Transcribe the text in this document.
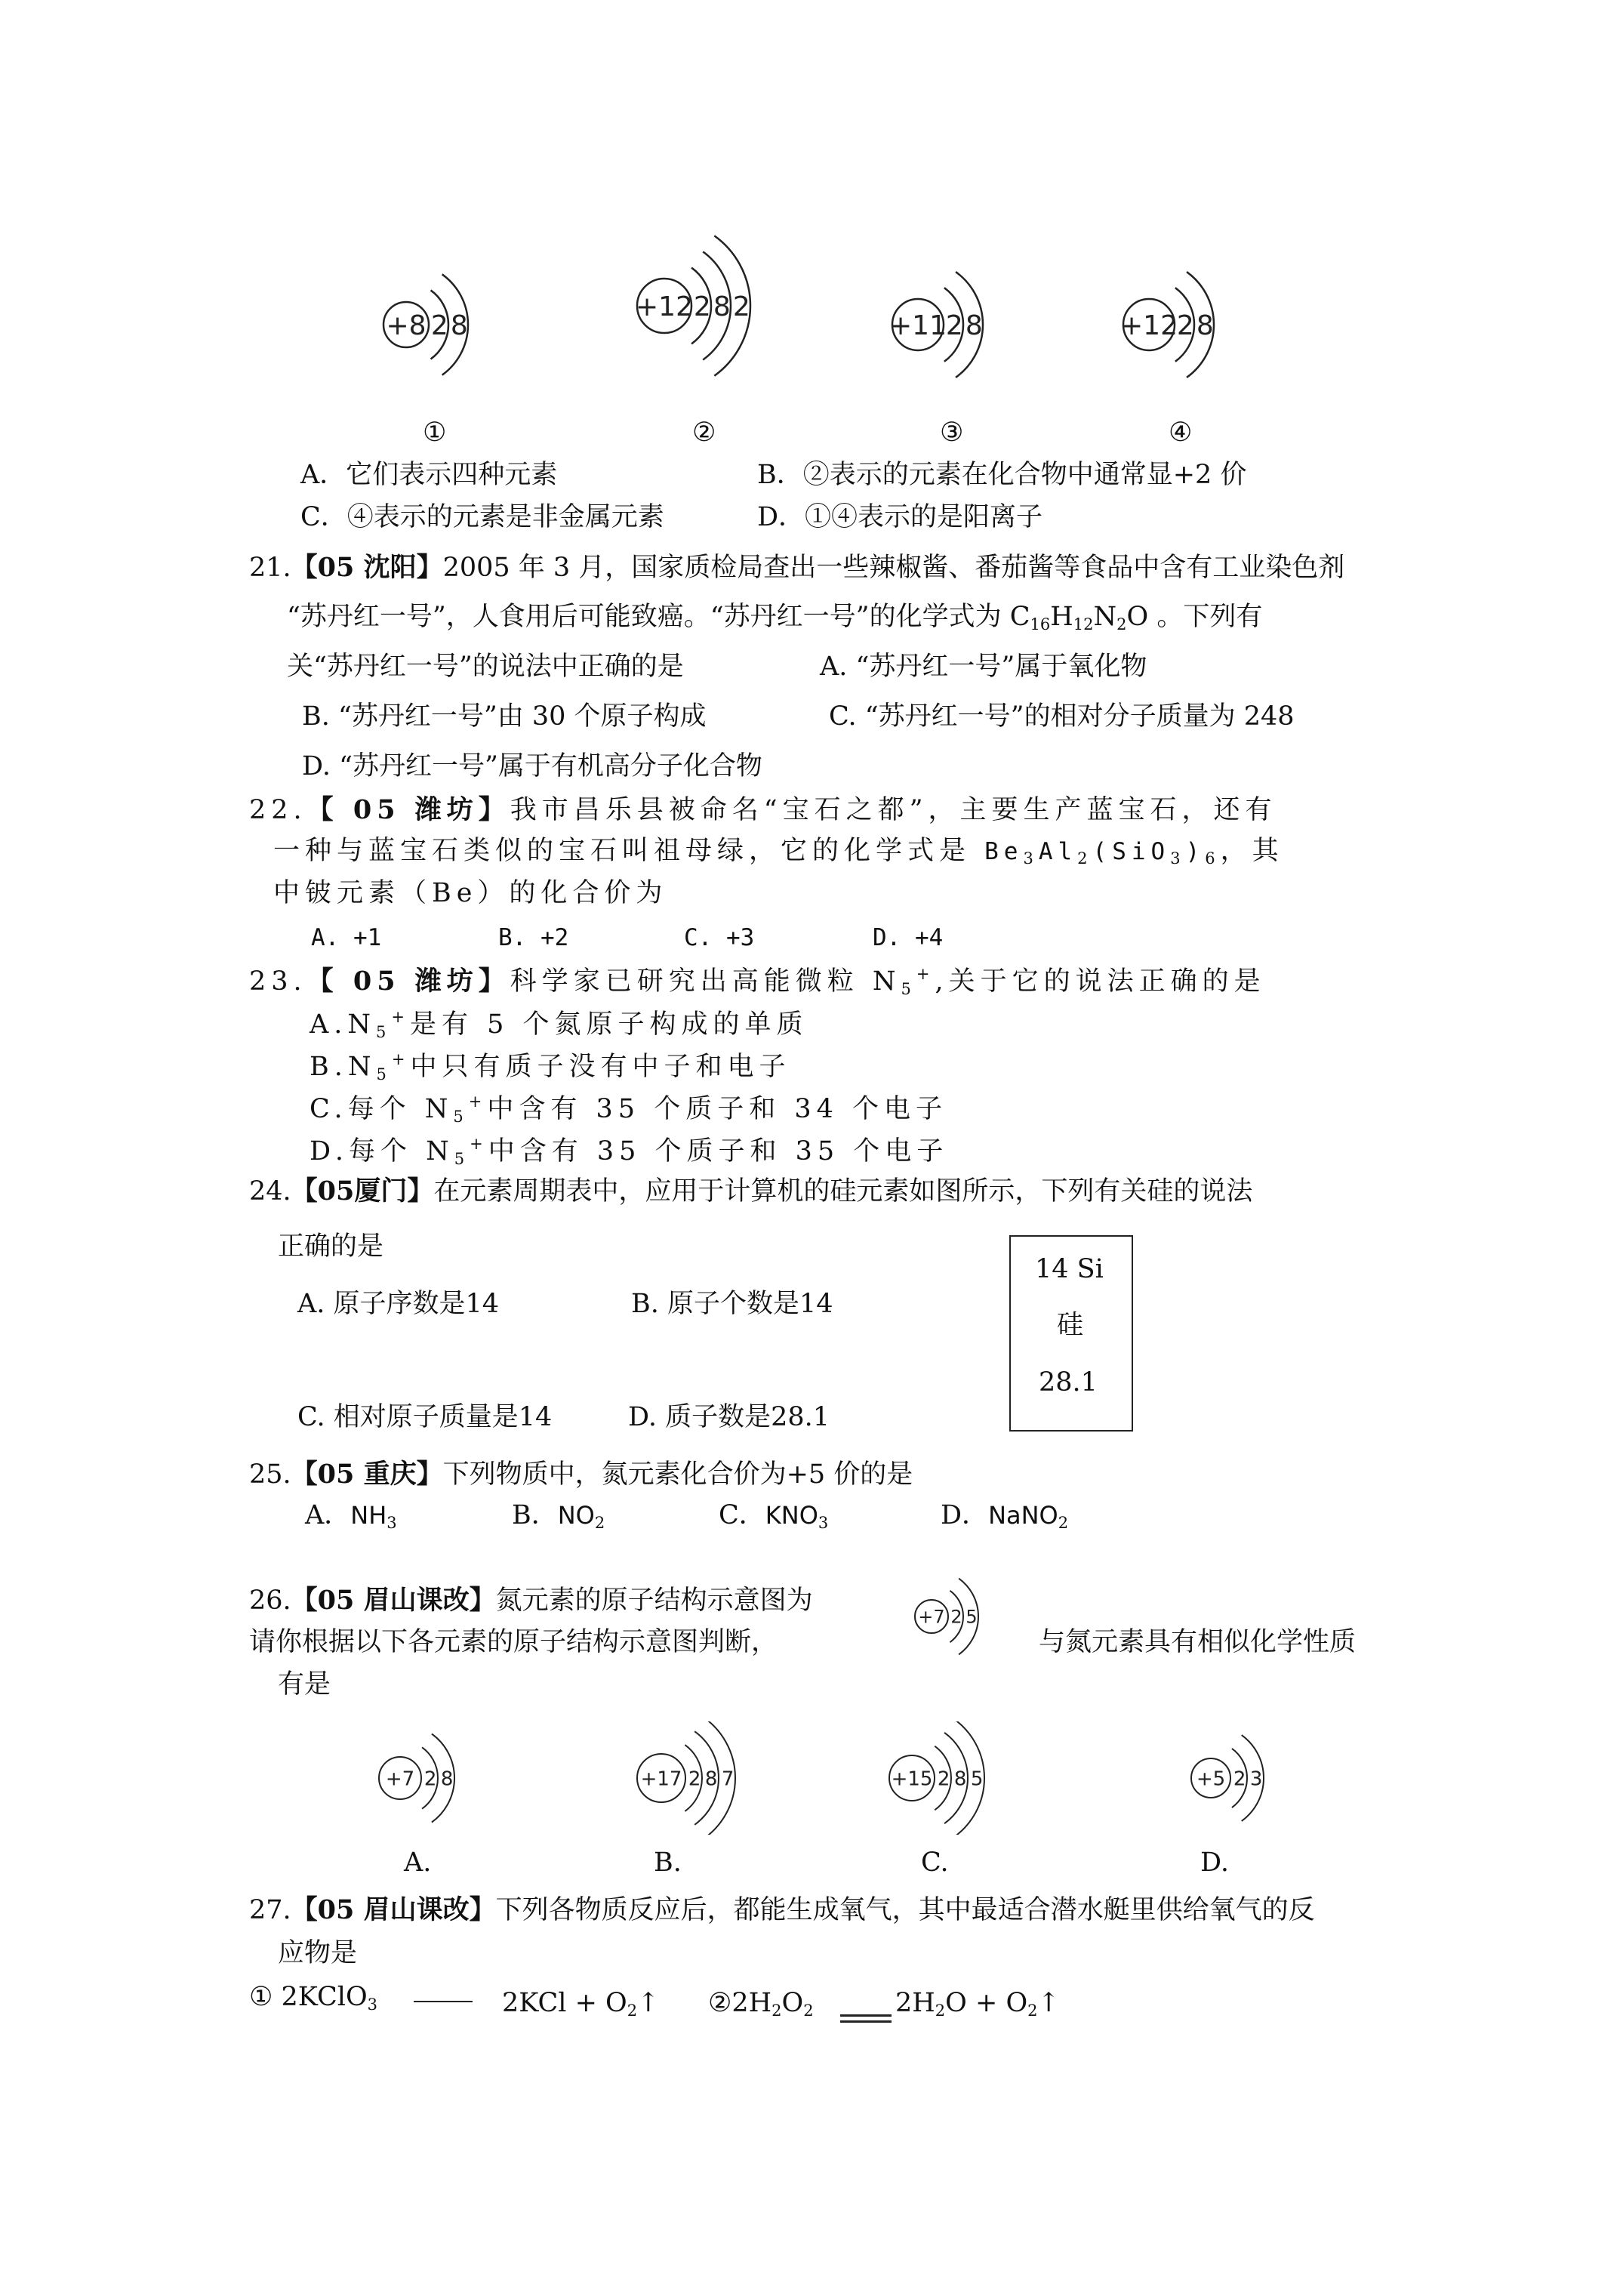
+8 2 8
+12 2 8 2
+11
2 8	+12
2 8
①	②	③	④
A．它们表示四种元素	B．②表示的元素在化合物中通常显+2 价
C．④表示的元素是非金属元素	D．①④表示的是阳离子
21.【05 沈阳】2005 年 3 月，国家质检局查出一些辣椒酱、番茄酱等食品中含有工业染色剂
“苏丹红一号”，人食用后可能致癌。“苏丹红一号”的化学式为 $C_{16}H_{12}N_2O$ 。下列有
关“苏丹红一号”的说法中正确的是	A. “苏丹红一号”属于氧化物
B. “苏丹红一号”由 30 个原子构成	C. “苏丹红一号”的相对分子质量为 248
D. “苏丹红一号”属于有机高分子化合物
22.【 05 潍坊】我市昌乐县被命名“宝石之都”，主要生产蓝宝石，还有
一种与蓝宝石类似的宝石叫祖母绿，它的化学式是 $Be_3Al_2(SiO_3)_6$，其
中铍元素（Be）的化合价为
A. +1	B. +2	C. +3	D. +4
23.【 05 潍坊】科学家已研究出高能微粒 $N_5^+$,关于它的说法正确的是
$A.N_5^+$是有 5 个氮原子构成的单质
$B.N_5^+$中只有质子没有中子和电子
C.每个 $N_5^+$中含有 35 个质子和 34 个电子
D.每个 $N_5^+$中含有 35 个质子和 35 个电子
24.【05厦门】在元素周期表中，应用于计算机的硅元素如图所示，下列有关硅的说法
正确的是
A. 原子序数是14	B. 原子个数是14
C. 相对原子质量是14	D. 质子数是28.1
14 Si
硅
28.1
25.【05 重庆】下列物质中，氮元素化合价为+5 价的是
A．$NH_3$	B．$NO_2$	C．$KNO_3$	D．NaNO$_2$
26.【05 眉山课改】氮元素的原子结构示意图为
请你根据以下各元素的原子结构示意图判断，	与氮元素具有相似化学性质
有是
+7 2 5
+7 2 8	+17 2 8 7	+15 2 8 5	+5 2 3
A.	B.	C.	D.
27.【05 眉山课改】下列各物质反应后，都能生成氧气，其中最适合潜水艇里供给氧气的反
应物是
① 2KClO$_3$	$2KCl + O_2↑$ $②2H_2O_2$	$2H_2O$ + $O_2↑$
